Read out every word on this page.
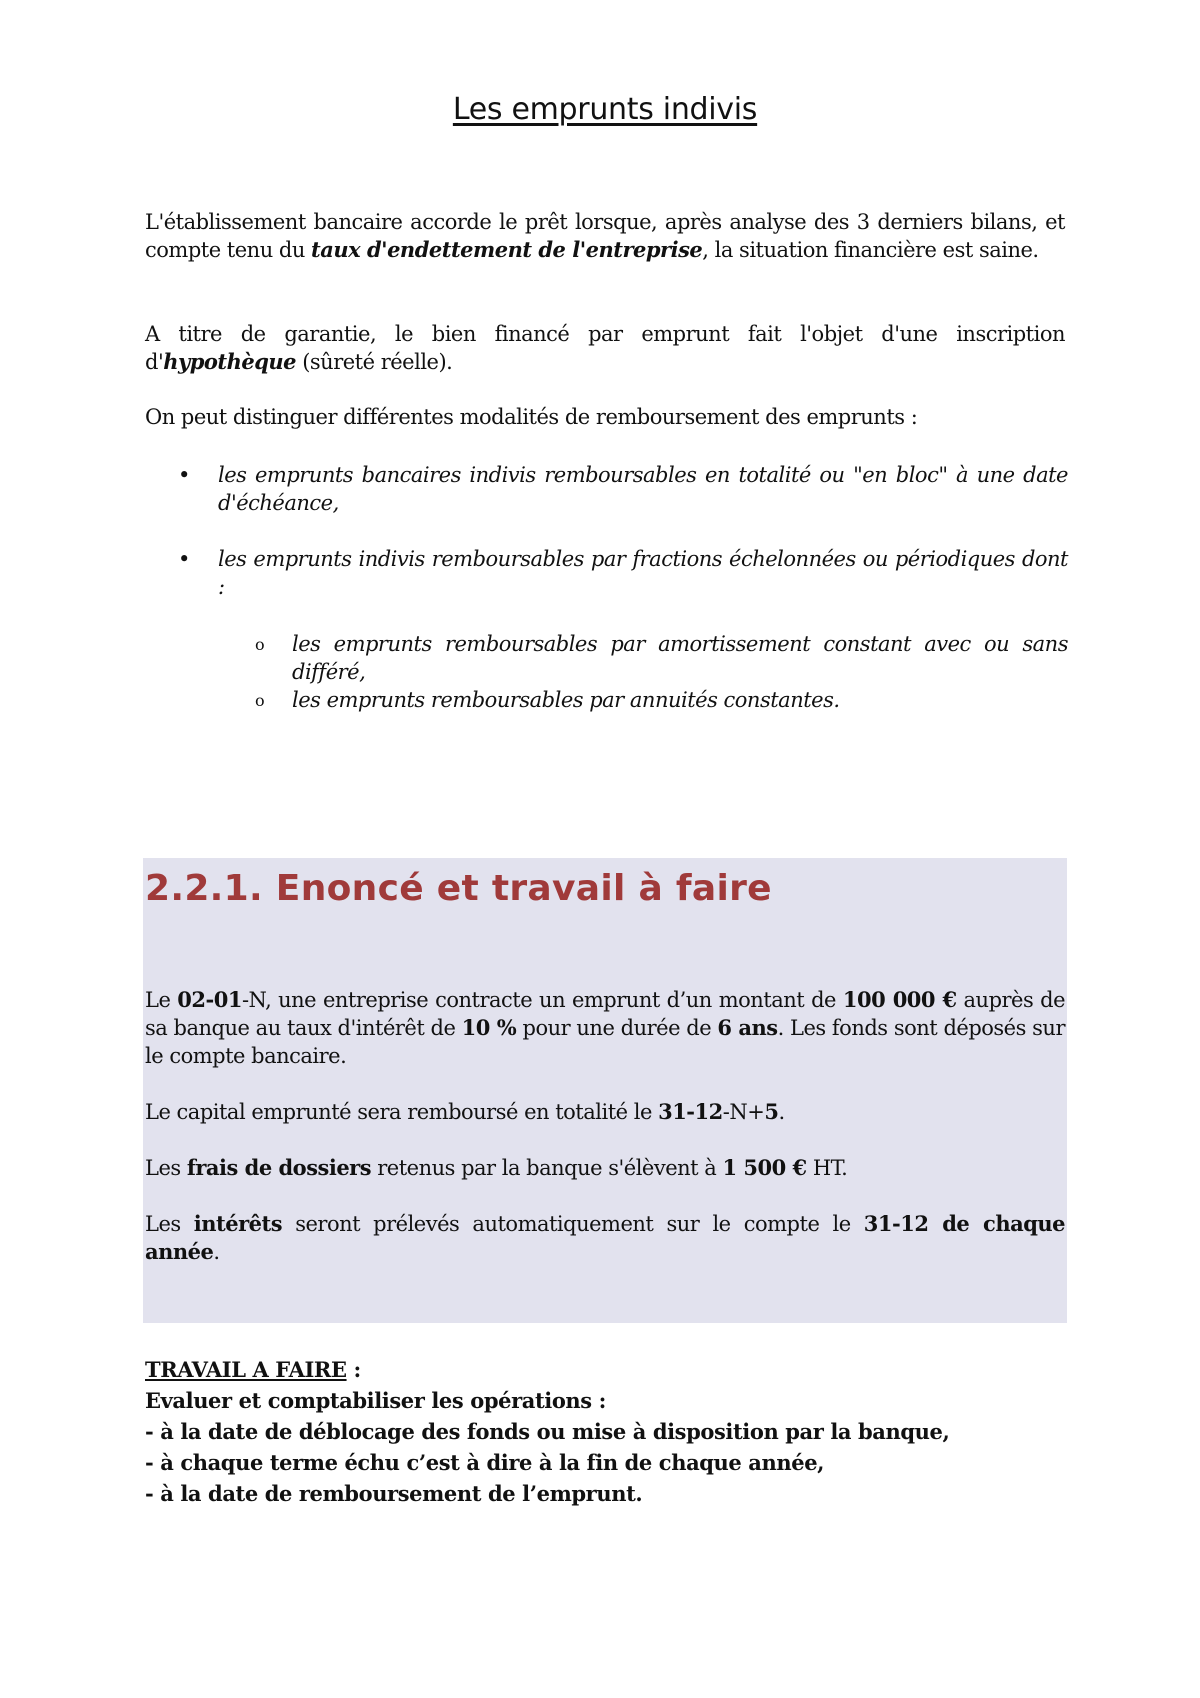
Les emprunts indivis
L'établissement bancaire accorde le prêt lorsque, après analyse des 3 derniers bilans, et compte tenu du taux d'endettement de l'entreprise, la situation financière est saine.
A titre de garantie, le bien financé par emprunt fait l'objet d'une inscription d'hypothèque (sûreté réelle).
On peut distinguer différentes modalités de remboursement des emprunts :
• les emprunts bancaires indivis remboursables en totalité ou "en bloc" à une date d'échéance,
• les emprunts indivis remboursables par fractions échelonnées ou périodiques dont :
o les emprunts remboursables par amortissement constant avec ou sans différé,
o les emprunts remboursables par annuités constantes.
2.2.1. Enoncé et travail à faire
Le 02-01-N, une entreprise contracte un emprunt d’un montant de 100 000 € auprès de sa banque au taux d'intérêt de 10 % pour une durée de 6 ans. Les fonds sont déposés sur le compte bancaire.
Le capital emprunté sera remboursé en totalité le 31-12-N+5.
Les frais de dossiers retenus par la banque s'élèvent à 1 500 € HT.
Les intérêts seront prélevés automatiquement sur le compte le 31-12 de chaque année.
TRAVAIL A FAIRE :
Evaluer et comptabiliser les opérations :
- à la date de déblocage des fonds ou mise à disposition par la banque,
- à chaque terme échu c’est à dire à la fin de chaque année,
- à la date de remboursement de l’emprunt.
